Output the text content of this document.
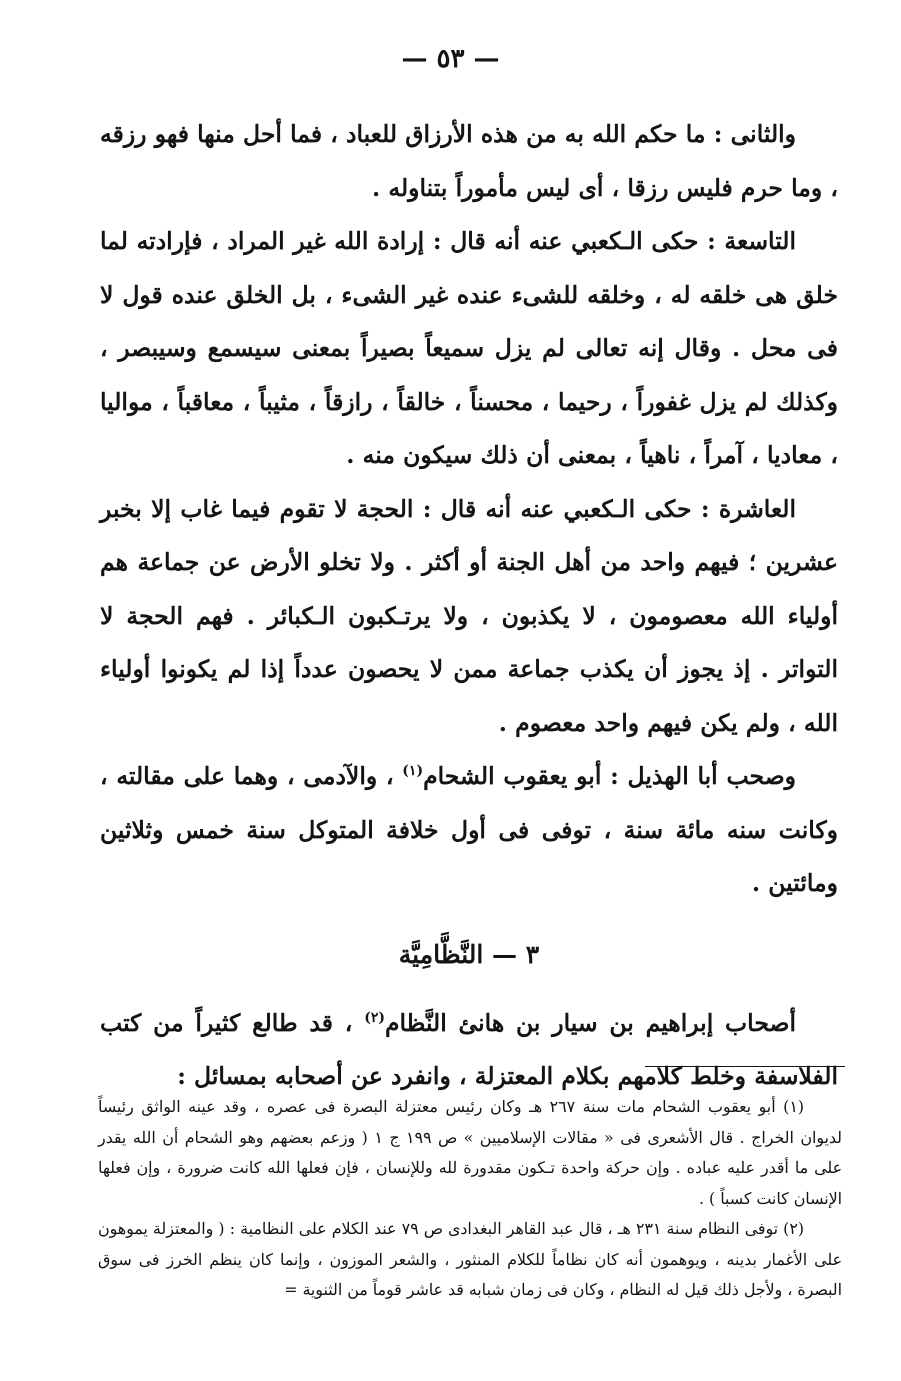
— ٥٣ —

والثانى : ما حكم الله به من هذه الأرزاق للعباد ، فما أحل منها فهو رزقه ، وما حرم فليس رزقا ، أى ليس مأموراً بتناوله .

التاسعة : حكى الـكعبي عنه أنه قال : إرادة الله غير المراد ، فإرادته لما خلق هى خلقه له ، وخلقه للشىء عنده غير الشىء ، بل الخلق عنده قول لا فى محل . وقال إنه تعالى لم يزل سميعاً بصيراً بمعنى سيسمع وسيبصر ، وكذلك لم يزل غفوراً ، رحيما ، محسناً ، خالقاً ، رازقاً ، مثيباً ، معاقباً ، مواليا ، معاديا ، آمراً ، ناهياً ، بمعنى أن ذلك سيكون منه .

العاشرة : حكى الـكعبي عنه أنه قال : الحجة لا تقوم فيما غاب إلا بخبر عشرين ؛ فيهم واحد من أهل الجنة أو أكثر . ولا تخلو الأرض عن جماعة هم أولياء الله معصومون ، لا يكذبون ، ولا يرتـكبون الـكبائر . فهم الحجة لا التواتر . إذ يجوز أن يكذب جماعة ممن لا يحصون عدداً إذا لم يكونوا أولياء الله ، ولم يكن فيهم واحد معصوم .

وصحب أبا الهذيل : أبو يعقوب الشحام$^{(١)}$ ، والآدمى ، وهما على مقالته ، وكانت سنه مائة سنة ، توفى فى أول خلافة المتوكل سنة خمس وثلاثين ومائتين .

٣ — النَّظَّامِيَّة

أصحاب إبراهيم بن سيار بن هانئ النَّظام$^{(٢)}$ ، قد طالع كثيراً من كتب الفلاسفة وخلط كلامهم بكلام المعتزلة ، وانفرد عن أصحابه بمسائل :

(١) أبو يعقوب الشحام مات سنة ٢٦٧ هـ وكان رئيس معتزلة البصرة فى عصره ، وقد عينه الواثق رئيساً لديوان الخراج . قال الأشعرى فى « مقالات الإسلاميين » ص ١٩٩ ج ١ ( وزعم بعضهم وهو الشحام أن الله يقدر على ما أقدر عليه عباده . وإن حركة واحدة تـكون مقدورة لله وللإنسان ، فإن فعلها الله كانت ضرورة ، وإن فعلها الإنسان كانت كسباً ) .

(٢) توفى النظام سنة ٢٣١ هـ ، قال عبد القاهر البغدادى ص ٧٩ عند الكلام على النظامية : ( والمعتزلة يموهون على الأغمار بدينه ، ويوهمون أنه كان نظاماً للكلام المنثور ، والشعر الموزون ، وإنما كان ينظم الخرز فى سوق البصرة ، ولأجل ذلك قيل له النظام ، وكان فى زمان شبابه قد عاشر قوماً من الثنوية =
